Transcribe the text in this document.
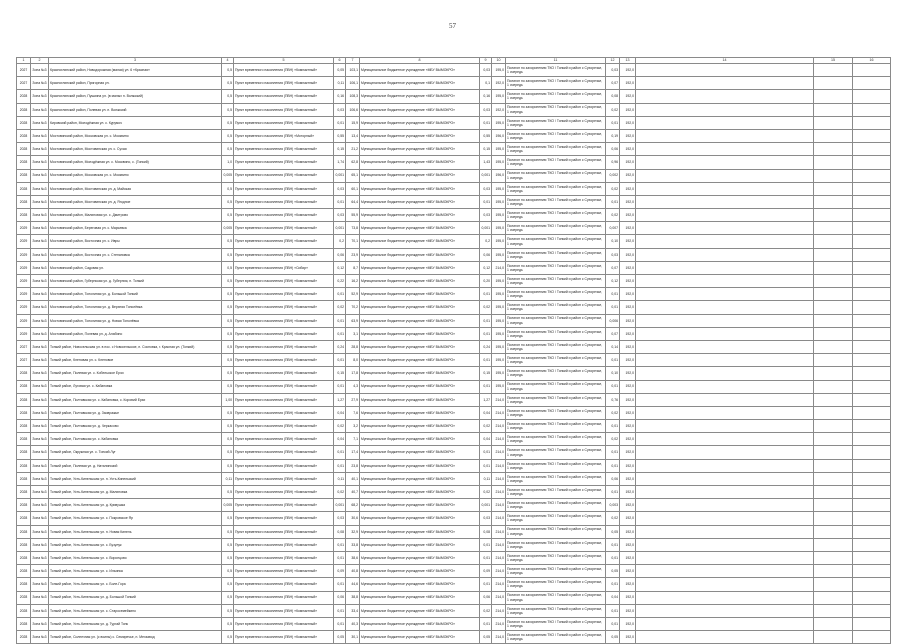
57
1	2	3	4	5	6	7	8	9	10	11	12	13	14	15	16
2027	Зона №3	Красноглинский район, Новодорожная (малая) ул. 6 «Красная»	0,5	Пункт временного накопления (ПВН) «Компактный»	0,05	103,1	Муниципальное бюджетное учреждение «МБУ ВЫМОКРО»	0,03	195,0	Полигон по захоронению ТКО / Тонкий и район с Сухоречье, 1 очередь	0,03	192,0			
2027	Зона №3	Красноглинский район, Пригорная ул.	0,5	Пункт временного накопления (ПВН) «Компактный»	0,11	106,1	Муниципальное бюджетное учреждение «МБУ ВЫМОКРО»	0,1	192,0	Полигон по захоронению ТКО / Тонкий и район с Сухоречье, 1 очередь	0,07	192,0			
2028	Зона №3	Красноглинский район, Пушкина ул. (в малых п. Волжский)	0,5	Пункт временного накопления (ПВН) «Компактный»	0,16	108,3	Муниципальное бюджетное учреждение «МБУ ВЫМОКРО»	0,16	195,0	Полигон по захоронению ТКО / Тонкий и район с Сухоречье, 1 очередь	0,08	192,0			
2028	Зона №3	Красноглинский район, Полевая ул. п. Волжский	0,5	Пункт временного накопления (ПВН) «Компактный»	0,03	106,6	Муниципальное бюджетное учреждение «МБУ ВЫМОКРО»	0,03	192,0	Полигон по захоронению ТКО / Тонкий и район с Сухоречье, 1 очередь	0,02	192,0			
2028	Зона №3	Кировский район, Молодёжная ул. с. Курумоч	0,5	Пункт временного накопления (ПВН) «Компактный»	0,01	15,9	Муниципальное бюджетное учреждение «МБУ ВЫМОКРО»	0,01	195,0	Полигон по захоронению ТКО / Тонкий и район с Сухоречье, 1 очередь	0,01	192,0			
2028	Зона №3	Мостовинский район, Московская ул. с. Москвино	0,5	Пункт временного накопления (ПВН) «Моторный»	0,55	13,4	Муниципальное бюджетное учреждение «МБУ ВЫМОКРО»	0,55	196,0	Полигон по захоронению ТКО / Тонкий и район с Сухоречье, 1 очередь	0,19	192,0			
2028	Зона №3	Мостовинский район, Мостовинская ул. с. Сухая	0,5	Пункт временного накопления (ПВН) «Компактный»	0,15	21,2	Муниципальное бюджетное учреждение «МБУ ВЫМОКРО»	0,15	195,0	Полигон по захоронению ТКО / Тонкий и район с Сухоречье, 1 очередь	0,06	192,0			
2028	Зона №3	Мостовинский район, Молодёжная ул. с. Москвино, с. (Тонкий)	1,0	Пункт временного накопления (ПВН) «Компактный»	1,74	62,8	Муниципальное бюджетное учреждение «МБУ ВЫМОКРО»	1,43	195,0	Полигон по захоронению ТКО / Тонкий и район с Сухоречье, 1 очередь	0,96	192,0			
2028	Зона №3	Мостовинский район, Московская ул. с. Москвино	0,005	Пункт временного накопления (ПВН) «Компактный»	0,001	65,1	Муниципальное бюджетное учреждение «МБУ ВЫМОКРО»	0,001	196,0	Полигон по захоронению ТКО / Тонкий и район с Сухоречье, 1 очередь	0,002	192,0			
2028	Зона №3	Мостовинский район, Мостовинская ул. д. Майская	0,5	Пункт временного накопления (ПВН) «Компактный»	0,03	60,1	Муниципальное бюджетное учреждение «МБУ ВЫМОКРО»	0,03	195,0	Полигон по захоронению ТКО / Тонкий и район с Сухоречье, 1 очередь	0,02	192,0			
2028	Зона №3	Мостовинский район, Мостовинская ул. д. Ягодное	0,5	Пункт временного накопления (ПВН) «Компактный»	0,01	64,4	Муниципальное бюджетное учреждение «МБУ ВЫМОКРО»	0,01	195,0	Полигон по захоронению ТКО / Тонкий и район с Сухоречье, 1 очередь	0,01	192,0			
2028	Зона №3	Мостовинский район, Малиновая ул. с. Дмитрово	0,5	Пункт временного накопления (ПВН) «Компактный»	0,03	55,9	Муниципальное бюджетное учреждение «МБУ ВЫМОКРО»	0,03	195,0	Полигон по захоронению ТКО / Тонкий и район с Сухоречье, 1 очередь	0,02	192,0			
2029	Зона №3	Мостовинский район, Береговая ул. с. Марьевка	0,005	Пункт временного накопления (ПВН) «Компактный»	0,001	73,8	Муниципальное бюджетное учреждение «МБУ ВЫМОКРО»	0,001	195,0	Полигон по захоронению ТКО / Тонкий и район с Сухоречье, 1 очередь	0,007	192,0			
2029	Зона №3	Мостовинский район, Восточная ул. с. Ивры	0,5	Пункт временного накопления (ПВН) «Компактный»	0,2	70,1	Муниципальное бюджетное учреждение «МБУ ВЫМОКРО»	0,2	195,0	Полигон по захоронению ТКО / Тонкий и район с Сухоречье, 1 очередь	0,10	192,0			
2029	Зона №3	Мостовинский район, Восточная ул. с. Степановка	0,5	Пункт временного накопления (ПВН) «Компактный»	0,06	23,9	Муниципальное бюджетное учреждение «МБУ ВЫМОКРО»	0,06	195,0	Полигон по захоронению ТКО / Тонкий и район с Сухоречье, 1 очередь	0,03	192,0			
2029	Зона №3	Мостовинский район, Садовая ул.	0,5	Пункт временного накопления (ПВН) «Сибир»	0,12	8,7	Муниципальное бюджетное учреждение «МБУ ВЫМОКРО»	0,12	214,0	Полигон по захоронению ТКО / Тонкий и район с Сухоречье, 1 очередь	0,07	192,0			
2029	Зона №3	Мостовинский район, Губернская ул. д. Губерния, п. Тонкий	0,5	Пункт временного накопления (ПВН) «Компактный»	0,22	16,2	Муниципальное бюджетное учреждение «МБУ ВЫМОКРО»	0,20	195,0	Полигон по захоронению ТКО / Тонкий и район с Сухоречье, 1 очередь	0,12	192,0			
2029	Зона №3	Мостовинский район, Тополиная ул. д. Большой Тонкий	0,5	Пункт временного накопления (ПВН) «Компактный»	0,01	52,9	Муниципальное бюджетное учреждение «МБУ ВЫМОКРО»	0,01	195,0	Полигон по захоронению ТКО / Тонкий и район с Сухоречье, 1 очередь	0,01	192,0			
2029	Зона №3	Мостовинский район, Тополиная ул. д. Верхняя Тополёвка	0,5	Пункт временного накопления (ПВН) «Компактный»	0,02	70,2	Муниципальное бюджетное учреждение «МБУ ВЫМОКРО»	0,02	195,0	Полигон по захоронению ТКО / Тонкий и район с Сухоречье, 1 очередь	0,01	192,0			
2029	Зона №3	Мостовинский район, Тополиная ул. д. Новая Тополёвка	0,5	Пункт временного накопления (ПВН) «Компактный»	0,01	63,9	Муниципальное бюджетное учреждение «МБУ ВЫМОКРО»	0,01	195,0	Полигон по захоронению ТКО / Тонкий и район с Сухоречье, 1 очередь	0,006	192,0			
2029	Зона №3	Мостовинский район, Полевая ул. д. Алабино	0,5	Пункт временного накопления (ПВН) «Компактный»	0,01	3,1	Муниципальное бюджетное учреждение «МБУ ВЫМОКРО»	0,01	195,0	Полигон по захоронению ТКО / Тонкий и район с Сухоречье, 1 очередь	0,07	192,0			
2027	Зона №3	Тонкий район, Новосельская ул. в пос. с Новосельское, п. Сосновка, г. Красная ул. (Тонкий)	0,5	Пункт временного накопления (ПВН) «Компактный»	0,24	28,8	Муниципальное бюджетное учреждение «МБУ ВЫМОКРО»	0,24	195,0	Полигон по захоронению ТКО / Тонкий и район с Сухоречье, 1 очередь	0,14	192,0			
2027	Зона №3	Тонкий район, Кленовая ул. с. Кленовое	0,5	Пункт временного накопления (ПВН) «Компактный»	0,01	8,0	Муниципальное бюджетное учреждение «МБУ ВЫМОКРО»	0,01	195,0	Полигон по захоронению ТКО / Тонкий и район с Сухоречье, 1 очередь	0,01	192,0			
2028	Зона №3	Тонкий район, Полевая ул. с. Кобельское Ерзи	0,5	Пункт временного накопления (ПВН) «Компактный»	0,15	17,8	Муниципальное бюджетное учреждение «МБУ ВЫМОКРО»	0,15	195,0	Полигон по захоронению ТКО / Тонкий и район с Сухоречье, 1 очередь	0,10	192,0			
2028	Зона №3	Тонкий район, Луговая ул. с. Кабановка	0,5	Пункт временного накопления (ПВН) «Компактный»	0,01	4,3	Муниципальное бюджетное учреждение «МБУ ВЫМОКРО»	0,01	195,0	Полигон по захоронению ТКО / Тонкий и район с Сухоречье, 1 очередь	0,01	192,0			
2028	Зона №3	Тонкий район, Полтавская ул. с. Кабановка, с. Коровий Ерзи	1,00	Пункт временного накопления (ПВН) «Компактный»	1,27	27,9	Муниципальное бюджетное учреждение «МБУ ВЫМОКРО»	1,27	214,0	Полигон по захоронению ТКО / Тонкий и район с Сухоречье, 1 очередь	0,76	192,0			
2028	Зона №3	Тонкий район, Полтавская ул. д. Заовражье	0,5	Пункт временного накопления (ПВН) «Компактный»	0,04	7,6	Муниципальное бюджетное учреждение «МБУ ВЫМОКРО»	0,04	214,0	Полигон по захоронению ТКО / Тонкий и район с Сухоречье, 1 очередь	0,02	192,0			
2028	Зона №3	Тонкий район, Полтавская ул. д. Черкасово	0,5	Пункт временного накопления (ПВН) «Компактный»	0,02	3,2	Муниципальное бюджетное учреждение «МБУ ВЫМОКРО»	0,02	214,0	Полигон по захоронению ТКО / Тонкий и район с Сухоречье, 1 очередь	0,01	192,0			
2028	Зона №3	Тонкий район, Полтавская ул. с. Кабановка	0,5	Пункт временного накопления (ПВН) «Компактный»	0,04	7,1	Муниципальное бюджетное учреждение «МБУ ВЫМОКРО»	0,04	214,0	Полигон по захоронению ТКО / Тонкий и район с Сухоречье, 1 очередь	0,02	192,0			
2028	Зона №3	Тонкий район, Окружная ул. с. Тонкий Луг	0,5	Пункт временного накопления (ПВН) «Компактный»	0,01	17,4	Муниципальное бюджетное учреждение «МБУ ВЫМОКРО»	0,01	214,0	Полигон по захоронению ТКО / Тонкий и район с Сухоречье, 1 очередь	0,01	192,0			
2028	Зона №3	Тонкий район, Полевая ул. д. Наталинский	0,5	Пункт временного накопления (ПВН) «Компактный»	0,01	23,8	Муниципальное бюджетное учреждение «МБУ ВЫМОКРО»	0,01	214,0	Полигон по захоронению ТКО / Тонкий и район с Сухоречье, 1 очередь	0,01	192,0			
2028	Зона №3	Тонкий район, Усть-Кинельская ул. п. Усть-Кинельский	0,11	Пункт временного накопления (ПВН) «Компактный»	0,11	40,1	Муниципальное бюджетное учреждение «МБУ ВЫМОКРО»	0,11	214,0	Полигон по захоронению ТКО / Тонкий и район с Сухоречье, 1 очередь	0,06	192,0			
2028	Зона №3	Тонкий район, Усть-Кинельская ул. д. Малиновка	0,5	Пункт временного накопления (ПВН) «Компактный»	0,02	40,7	Муниципальное бюджетное учреждение «МБУ ВЫМОКРО»	0,02	214,0	Полигон по захоронению ТКО / Тонкий и район с Сухоречье, 1 очередь	0,01	192,0			
2028	Зона №3	Тонкий район, Усть-Кинельская ул. д. Кривушка	0,005	Пункт временного накопления (ПВН) «Компактный»	0,001	68,2	Муниципальное бюджетное учреждение «МБУ ВЫМОКРО»	0,001	214,0	Полигон по захоронению ТКО / Тонкий и район с Сухоречье, 1 очередь	0,003	192,0			
2028	Зона №3	Тонкий район, Усть-Кинельская ул. с. Покровское Яр	0,5	Пункт временного накопления (ПВН) «Компактный»	0,03	30,6	Муниципальное бюджетное учреждение «МБУ ВЫМОКРО»	0,03	214,0	Полигон по захоронению ТКО / Тонкий и район с Сухоречье, 1 очередь	0,02	192,0			
2028	Зона №3	Тонкий район, Усть-Кинельская ул. п. Новая Кинель	0,5	Пункт временного накопления (ПВН) «Компактный»	0,08	32,9	Муниципальное бюджетное учреждение «МБУ ВЫМОКРО»	0,08	214,0	Полигон по захоронению ТКО / Тонкий и район с Сухоречье, 1 очередь	0,05	192,0			
2028	Зона №3	Тонкий район, Усть-Кинельская ул. с. Бузулук	0,5	Пункт временного накопления (ПВН) «Компактный»	0,01	33,8	Муниципальное бюджетное учреждение «МБУ ВЫМОКРО»	0,01	214,0	Полигон по захоронению ТКО / Тонкий и район с Сухоречье, 1 очередь	0,01	192,0			
2028	Зона №3	Тонкий район, Усть-Кинельская ул. с. Воронцово	0,5	Пункт временного накопления (ПВН) «Компактный»	0,01	38,6	Муниципальное бюджетное учреждение «МБУ ВЫМОКРО»	0,01	214,0	Полигон по захоронению ТКО / Тонкий и район с Сухоречье, 1 очередь	0,01	192,0			
2028	Зона №3	Тонкий район, Усть-Кинельская ул. с. Ильинка	0,5	Пункт временного накопления (ПВН) «Компактный»	0,09	40,8	Муниципальное бюджетное учреждение «МБУ ВЫМОКРО»	0,09	214,0	Полигон по захоронению ТКО / Тонкий и район с Сухоречье, 1 очередь	0,05	192,0			
2028	Зона №3	Тонкий район, Усть-Кинельская ул. с. Боле-Гора	0,5	Пункт временного накопления (ПВН) «Компактный»	0,01	44,6	Муниципальное бюджетное учреждение «МБУ ВЫМОКРО»	0,01	214,0	Полигон по захоронению ТКО / Тонкий и район с Сухоречье, 1 очередь	0,01	192,0			
2028	Зона №3	Тонкий район, Усть-Кинельская ул. д. Большой Тонкий	0,5	Пункт временного накопления (ПВН) «Компактный»	0,06	38,8	Муниципальное бюджетное учреждение «МБУ ВЫМОКРО»	0,06	214,0	Полигон по захоронению ТКО / Тонкий и район с Сухоречье, 1 очередь	0,04	192,0			
2028	Зона №3	Тонкий район, Усть-Кинельская ул. с. Старосемейкино	0,5	Пункт временного накопления (ПВН) «Компактный»	0,01	33,4	Муниципальное бюджетное учреждение «МБУ ВЫМОКРО»	0,02	214,0	Полигон по захоронению ТКО / Тонкий и район с Сухоречье, 1 очередь	0,01	192,0			
2028	Зона №3	Тонкий район, Усть-Кинельская ул. д. Тургай Тонк	0,5	Пункт временного накопления (ПВН) «Компактный»	0,01	40,3	Муниципальное бюджетное учреждение «МБУ ВЫМОКРО»	0,01	214,0	Полигон по захоронению ТКО / Тонкий и район с Сухоречье, 1 очередь	0,01	192,0			
2028	Зона №3	Тонкий район, Солнечная ул. (с воины) с. Семиречье, п. Мехзавод	0,5	Пункт временного накопления (ПВН) «Компактный»	0,05	30,1	Муниципальное бюджетное учреждение «МБУ ВЫМОКРО»	0,05	214,0	Полигон по захоронению ТКО / Тонкий и район с Сухоречье, 1 очередь	0,05	192,0			
